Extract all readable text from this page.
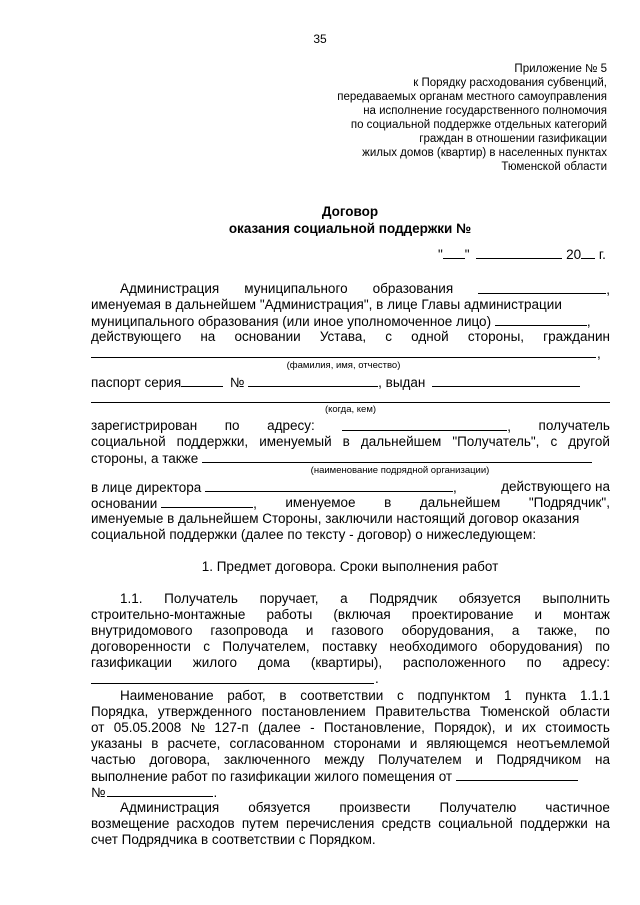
35
Приложение № 5
к Порядку расходования субвенций,
передаваемых органам местного самоуправления
на исполнение государственного полномочия
по социальной поддержке отдельных категорий
граждан в отношении газификации
жилых домов (квартир) в населенных пунктах
Тюменской области
Договор
оказания социальной поддержки №
" "	20 г.
Администрация муниципального образования	,
именуемая в дальнейшем "Администрация", в лице Главы администрации
муниципального образования (или иное уполномоченное лицо)	,
действующего на основании Устава, с одной стороны, гражданин
,
(фамилия, имя, отчество)
паспорт серия	№	, выдан
(когда, кем)
зарегистрирован по адресу:	, получатель
социальной поддержки, именуемый в дальнейшем "Получатель", с другой
стороны, а также
(наименование подрядной организации)
в лице директора	,	действующего на
основании	, именуемое в дальнейшем "Подрядчик",
именуемые в дальнейшем Стороны, заключили настоящий договор оказания
социальной поддержки (далее по тексту - договор) о нижеследующем:
1. Предмет договора. Сроки выполнения работ
1.1. Получатель поручает, а Подрядчик обязуется выполнить
строительно-монтажные работы (включая проектирование и монтаж
внутридомового газопровода и газового оборудования, а также, по
договоренности с Получателем, поставку необходимого оборудования) по
газификации жилого дома (квартиры), расположенного по адресу:
.
Наименование работ, в соответствии с подпунктом 1 пункта 1.1.1
Порядка, утвержденного постановлением Правительства Тюменской области
от 05.05.2008 № 127-п (далее - Постановление, Порядок), и их стоимость
указаны в расчете, согласованном сторонами и являющемся неотъемлемой
частью договора, заключенного между Получателем и Подрядчиком на
выполнение работ по газификации жилого помещения от
№	.
Администрация обязуется произвести Получателю частичное
возмещение расходов путем перечисления средств социальной поддержки на
счет Подрядчика в соответствии с Порядком.
